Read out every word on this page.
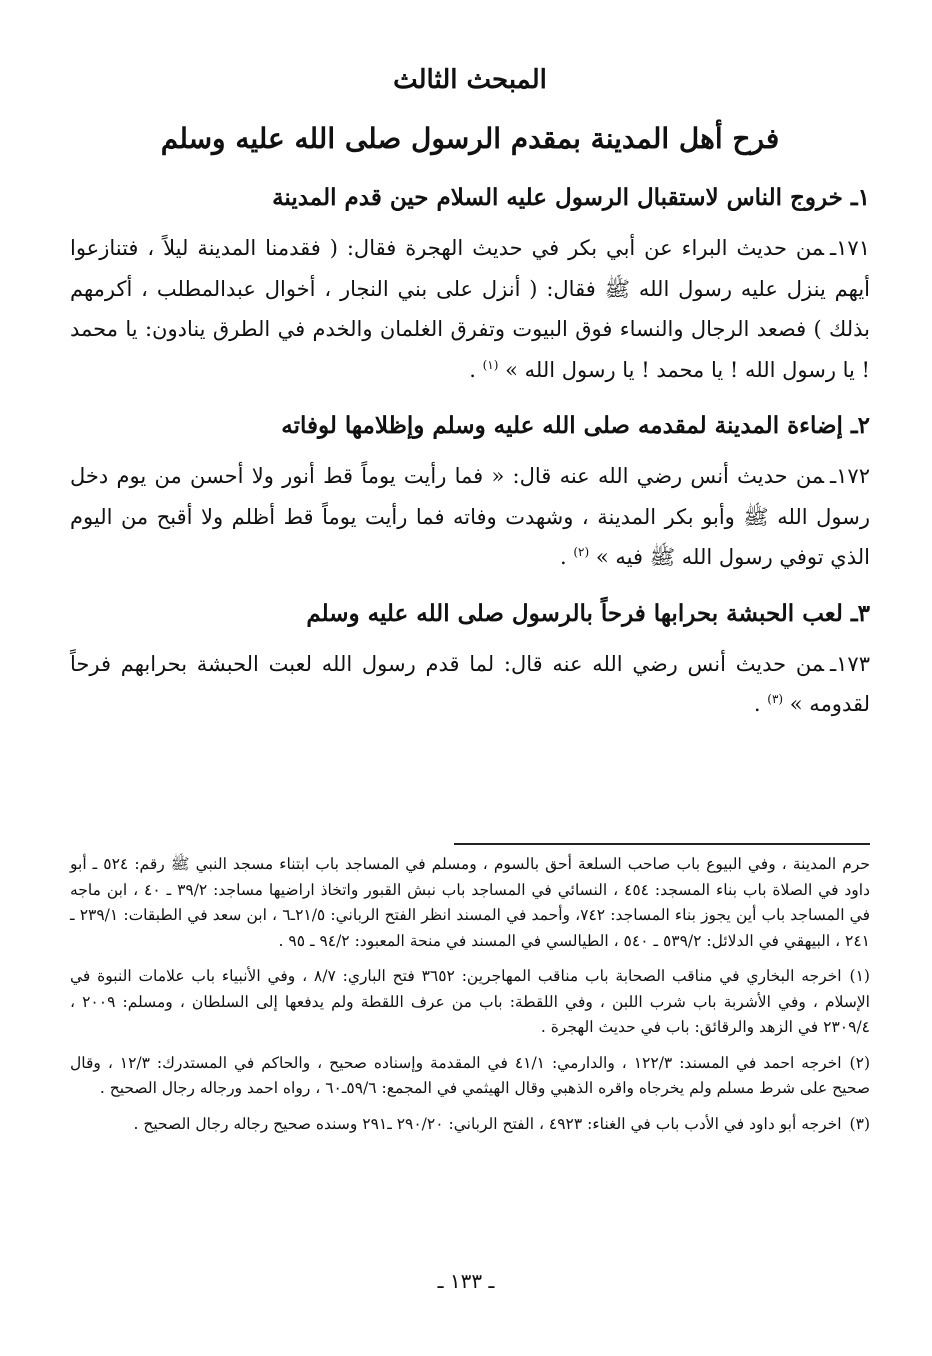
المبحث الثالث
فرح أهل المدينة بمقدم الرسول صلى الله عليه وسلم
١ـ خروج الناس لاستقبال الرسول عليه السلام حين قدم المدينة

١٧١ـمن حديث البراء عن أبي بكر في حديث الهجرة فقال: ( فقدمنا المدينة ليلاً ، فتنازعوا أيهم ينزل عليه رسول الله ﷺ فقال: ( أنزل على بني النجار ، أخوال عبدالمطلب ، أكرمهم بذلك ) فصعد الرجال والنساء فوق البيوت وتفرق الغلمان والخدم في الطرق ينادون: يا محمد ! يا رسول الله ! يا محمد ! يا رسول الله » $^{(١)}$ .

٢ـ إضاءة المدينة لمقدمه صلى الله عليه وسلم وإظلامها لوفاته

١٧٢ـمن حديث أنس رضي الله عنه قال: « فما رأيت يوماً قط أنور ولا أحسن من يوم دخل رسول الله ﷺ وأبو بكر المدينة ، وشهدت وفاته فما رأيت يوماً قط أظلم ولا أقبح من اليوم الذي توفي رسول الله ﷺ فيه » $^{(٢)}$ .

٣ـ لعب الحبشة بحرابها فرحاً بالرسول صلى الله عليه وسلم

١٧٣ـمن حديث أنس رضي الله عنه قال: لما قدم رسول الله لعبت الحبشة بحرابهم فرحاً لقدومه » $^{(٣)}$ .

حرم المدينة ، وفي البيوع باب صاحب السلعة أحق بالسوم ، ومسلم في المساجد باب ابتناء مسجد النبي ﷺ رقم: ٥٢٤ ـ أبو داود في الصلاة باب بناء المسجد: ٤٥٤ ، النسائي في المساجد باب نبش القبور واتخاذ اراضيها مساجد: ٣٩/٢ ـ ٤٠ ، ابن ماجه في المساجد باب أين يجوز بناء المساجد: ٧٤٢، وأحمد في المسند انظر الفتح الرباني: ٢١/٥ـ٦ ، ابن سعد في الطبقات: ٢٣٩/١ ـ ٢٤١ ، البيهقي في الدلائل: ٥٣٩/٢ ـ ٥٤٠ ، الطيالسي في المسند في منحة المعبود: ٩٤/٢ ـ ٩٥ .

(١)اخرجه البخاري في مناقب الصحابة باب مناقب المهاجرين: ٣٦٥٢ فتح الباري: ٨/٧ ، وفي الأنبياء باب علامات النبوة في الإسلام ، وفي الأشربة باب شرب اللبن ، وفي اللقطة: باب من عرف اللقطة ولم يدفعها إلى السلطان ، ومسلم: ٢٠٠٩ ، ٢٣٠٩/٤ في الزهد والرقائق: باب في حديث الهجرة .

(٢)اخرجه احمد في المسند: ١٢٢/٣ ، والدارمي: ٤١/١ في المقدمة وإسناده صحيح ، والحاكم في المستدرك: ١٢/٣ ، وقال صحيح على شرط مسلم ولم يخرجاه واقره الذهبي وقال الهيثمي في المجمع: ٥٩/٦ـ٦٠ ، رواه احمد ورجاله رجال الصحيح .

(٣)اخرجه أبو داود في الأدب باب في الغناء: ٤٩٢٣ ، الفتح الرباني: ٢٩٠/٢٠ ـ٢٩١ وسنده صحيح رجاله رجال الصحيح .

ـ ١٣٣ ـ
